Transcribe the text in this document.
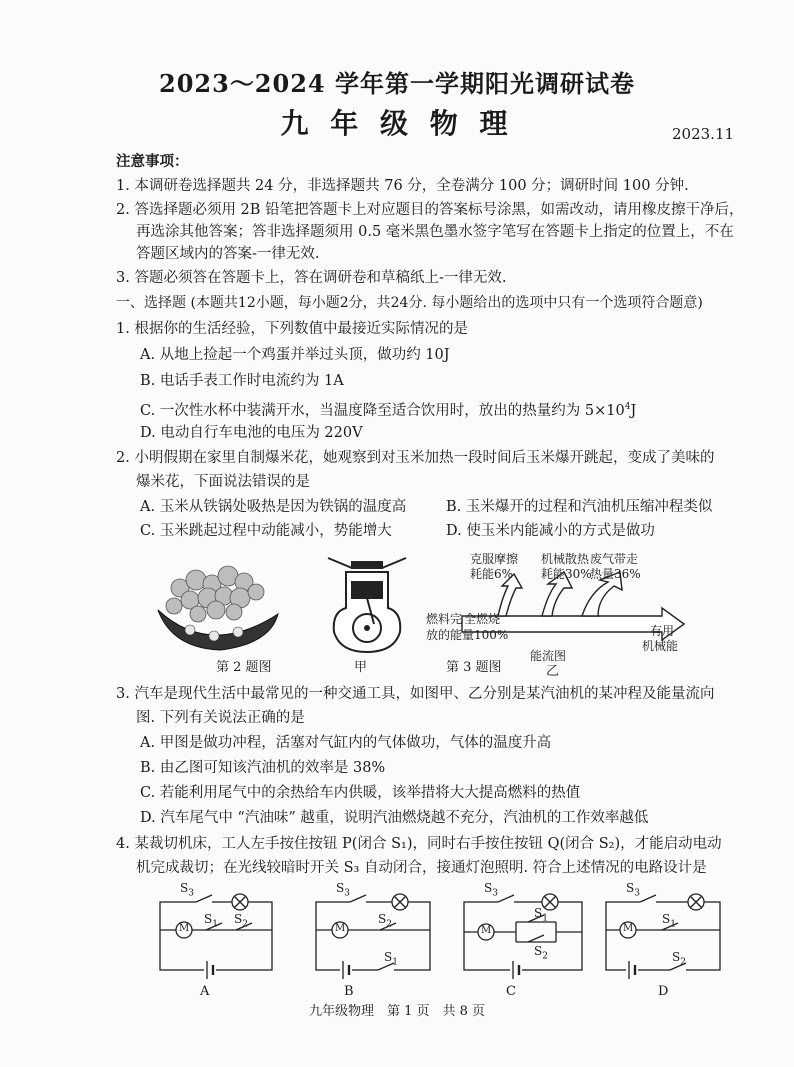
2023～2024 学年第一学期阳光调研试卷
九 年 级 物 理	2023.11
注意事项：
1. 本调研卷选择题共 24 分，非选择题共 76 分，全卷满分 100 分；调研时间 100 分钟.
2. 答选择题必须用 2B 铅笔把答题卡上对应题目的答案标号涂黑，如需改动，请用橡皮擦干净后，
再选涂其他答案；答非选择题须用 0.5 毫米黑色墨水签字笔写在答题卡上指定的位置上，不在
答题区域内的答案-一律无效.
3. 答题必须答在答题卡上，答在调研卷和草稿纸上-一律无效.
一、选择题 (本题共12小题，每小题2分，共24分. 每小题给出的选项中只有一个选项符合题意)
1. 根据你的生活经验，下列数值中最接近实际情况的是
A. 从地上捡起一个鸡蛋并举过头顶，做功约 10J
B. 电话手表工作时电流约为 1A
C. 一次性水杯中装满开水，当温度降至适合饮用时，放出的热量约为 $5\times 10^4J$
D. 电动自行车电池的电压为 220V
2. 小明假期在家里自制爆米花，她观察到对玉米加热一段时间后玉米爆开跳起，变成了美味的
爆米花，下面说法错误的是
A. 玉米从铁锅处吸热是因为铁锅的温度高	B. 玉米爆开的过程和汽油机压缩冲程类似
C. 玉米跳起过程中动能减小，势能增大	D. 使玉米内能减小的方式是做功
克服摩擦
耗能6%
机械散热
耗能30%
废气带走
热量36%
燃料完 全燃烧
放的能量100%	有用
机械能
能流图
第 2 题图	甲	第 3 题图	乙
3. 汽车是现代生活中最常见的一种交通工具，如图甲、乙分别是某汽油机的某冲程及能量流向
图. 下列有关说法正确的是
A. 甲图是做功冲程，活塞对气缸内的气体做功，气体的温度升高
B. 由乙图可知该汽油机的效率是 38%
C. 若能利用尾气中的余热给车内供暖，该举措将大大提高燃料的热值
D. 汽车尾气中 “汽油味” 越重，说明汽油燃烧越不充分，汽油机的工作效率越低
4. 某裁切机床，工人左手按住按钮 P(闭合 S₁)，同时右手按住按钮 Q(闭合 S₂)，才能启动电动
机完成裁切；在光线较暗时开关 S₃ 自动闭合，接通灯泡照明. 符合上述情况的电路设计是
$S_3$
$S_1$ $S_2$
M
A
$S_3$
$S_2$
$S_1$
M
B
$S_3$
$S_1$
$S_2$
M
C
$S_3$
$S_1$
$S_2$
M
D
九年级物理　第 1 页　共 8 页
